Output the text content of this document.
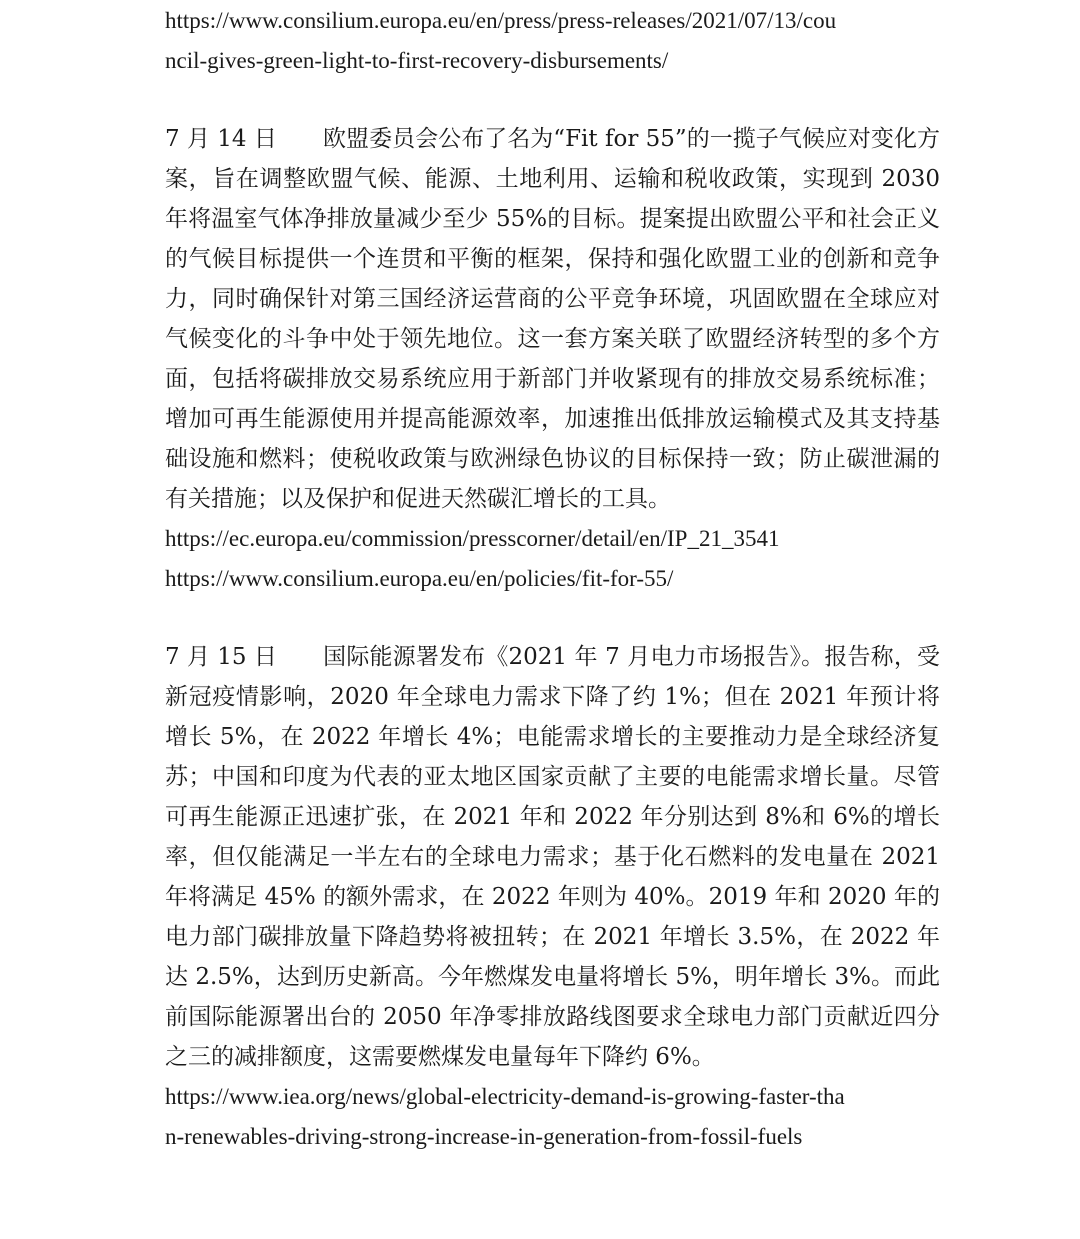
https://www.consilium.europa.eu/en/press/press-releases/2021/07/13/cou
ncil-gives-green-light-to-first-recovery-disbursements/
7 月 14 日 欧盟委员会公布了名为“Fit for 55”的一揽子气候应对变化方案，旨在调整欧盟气候、能源、土地利用、运输和税收政策，实现到 2030 年将温室气体净排放量减少至少 55%的目标。提案提出欧盟公平和社会正义的气候目标提供一个连贯和平衡的框架，保持和强化欧盟工业的创新和竞争力，同时确保针对第三国经济运营商的公平竞争环境，巩固欧盟在全球应对气候变化的斗争中处于领先地位。这一套方案关联了欧盟经济转型的多个方面，包括将碳排放交易系统应用于新部门并收紧现有的排放交易系统标准；增加可再生能源使用并提高能源效率，加速推出低排放运输模式及其支持基础设施和燃料；使税收政策与欧洲绿色协议的目标保持一致；防止碳泄漏的有关措施；以及保护和促进天然碳汇增长的工具。
https://ec.europa.eu/commission/presscorner/detail/en/IP_21_3541
https://www.consilium.europa.eu/en/policies/fit-for-55/
7 月 15 日 国际能源署发布《2021 年 7 月电力市场报告》。报告称，受新冠疫情影响，2020 年全球电力需求下降了约 1%；但在 2021 年预计将增长 5%，在 2022 年增长 4%；电能需求增长的主要推动力是全球经济复苏；中国和印度为代表的亚太地区国家贡献了主要的电能需求增长量。尽管可再生能源正迅速扩张，在 2021 年和 2022 年分别达到 8%和 6%的增长率，但仅能满足一半左右的全球电力需求；基于化石燃料的发电量在 2021 年将满足 45% 的额外需求，在 2022 年则为 40%。2019 年和 2020 年的电力部门碳排放量下降趋势将被扭转；在 2021 年增长 3.5%，在 2022 年达 2.5%，达到历史新高。今年燃煤发电量将增长 5%，明年增长 3%。而此前国际能源署出台的 2050 年净零排放路线图要求全球电力部门贡献近四分之三的减排额度，这需要燃煤发电量每年下降约 6%。
https://www.iea.org/news/global-electricity-demand-is-growing-faster-tha
n-renewables-driving-strong-increase-in-generation-from-fossil-fuels
